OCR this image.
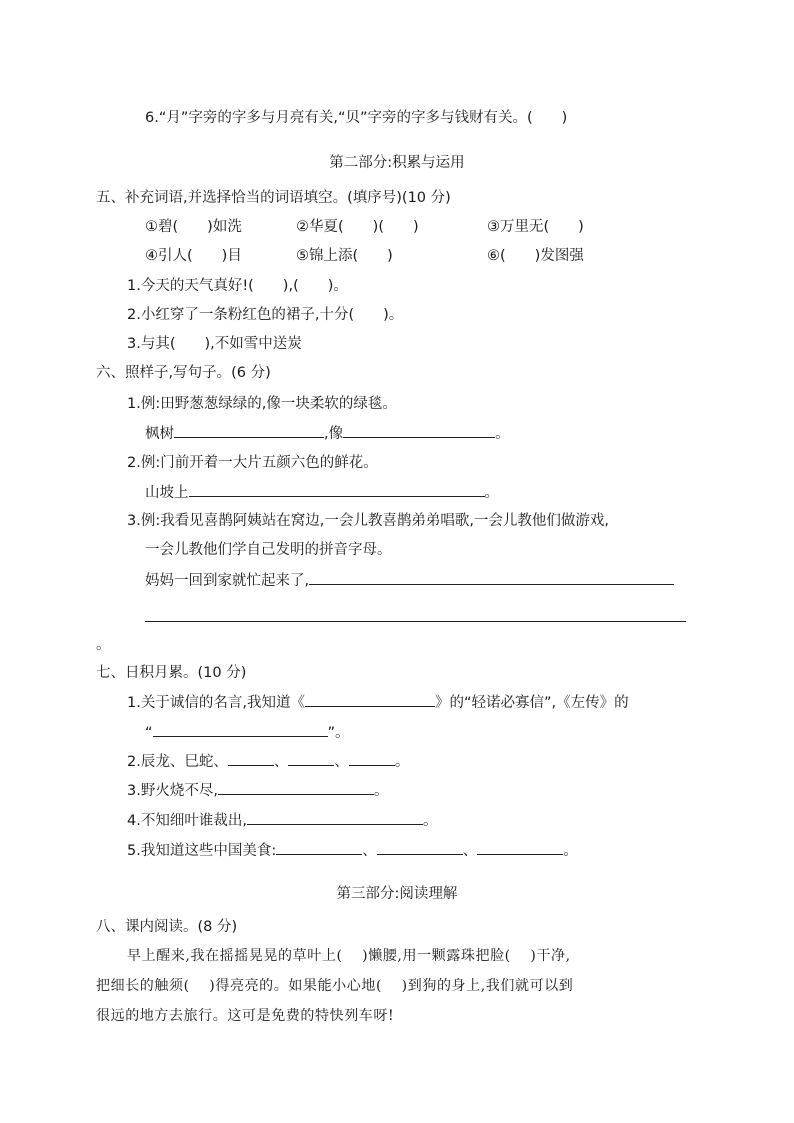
6.“月”字旁的字多与月亮有关,“贝”字旁的字多与钱财有关。(　　)
第二部分:积累与运用
五、补充词语,并选择恰当的词语填空。(填序号)(10 分)
①碧(　　)如洗	②华夏(　　)(　　)	③万里无(　　)
④引人(　　)目	⑤锦上添(　　)	⑥(　　)发图强
1.今天的天气真好!(　　),(　　)。
2.小红穿了一条粉红色的裙子,十分(　　)。
3.与其(　　),不如雪中送炭
六、照样子,写句子。(6 分)
1.例:田野葱葱绿绿的,像一块柔软的绿毯。
枫树	,像	。
2.例:门前开着一大片五颜六色的鲜花。
山坡上	。
3.例:我看见喜鹊阿姨站在窝边,一会儿教喜鹊弟弟唱歌,一会儿教他们做游戏,
一会儿教他们学自己发明的拼音字母。
妈妈一回到家就忙起来了,
。
七、日积月累。(10 分)
1.关于诚信的名言,我知道《	》的“轻诺必寡信”,《左传》的
“	”。
2.辰龙、巳蛇、	、	、	。
3.野火烧不尽,	。
4.不知细叶谁裁出,	。
5.我知道这些中国美食:	、	、	。
第三部分:阅读理解
八、课内阅读。(8 分)
早上醒来,我在摇摇晃晃的草叶上(　 )懒腰,用一颗露珠把脸(　 )干净,
把细长的触须(　 )得亮亮的。如果能小心地(　 )到狗的身上,我们就可以到
很远的地方去旅行。这可是免费的特快列车呀!
